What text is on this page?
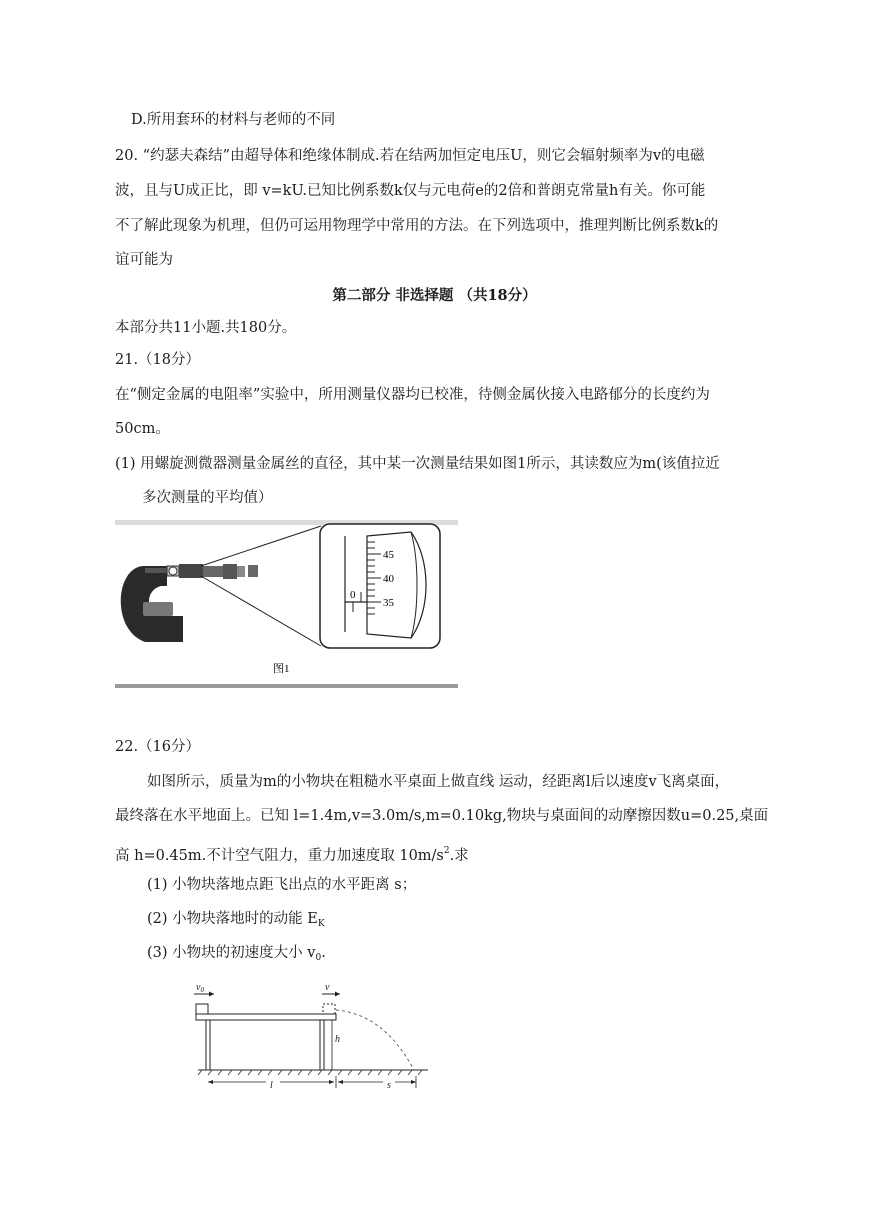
D.所用套环的材料与老师的不同
20. “约瑟夫森结”由超导体和绝缘体制成.若在结两加恒定电压U，则它会辐射频率为v的电磁
波，且与U成正比，即 v=kU.已知比例系数k仅与元电荷e的2倍和普朗克常量h有关。你可能
不了解此现象为机理，但仍可运用物理学中常用的方法。在下列选项中，推理判断比例系数k的
谊可能为
第二部分 非选择题 （共18分）
本部分共11小题.共180分。
21.（18分）
在“侧定金属的电阻率”实验中，所用测量仪器均已校准，待侧金属伙接入电路郁分的长度约为
50cm。
(1) 用螺旋测微器测量金属丝的直径，其中某一次测量结果如图1所示，其读数应为m(该值拉近
多次测量的平均值）
45
40
35
0
图1
22.（16分）
如图所示，质量为m的小物块在粗糙水平桌面上做直线 运动，经距离l后以速度v飞离桌面，
最终落在水平地面上。已知 l=1.4m,v=3.0m/s,m=0.10kg,物块与桌面间的动摩擦因数u=0.25,桌面
高 h=0.45m.不计空气阻力，重力加速度取 $10m/s^2$.求
(1) 小物块落地点距飞出点的水平距离 s；
(2) 小物块落地时的动能 $E_K$
(3) 小物块的初速度大小 $v_0$.
$v_0$	v
h
l	s
